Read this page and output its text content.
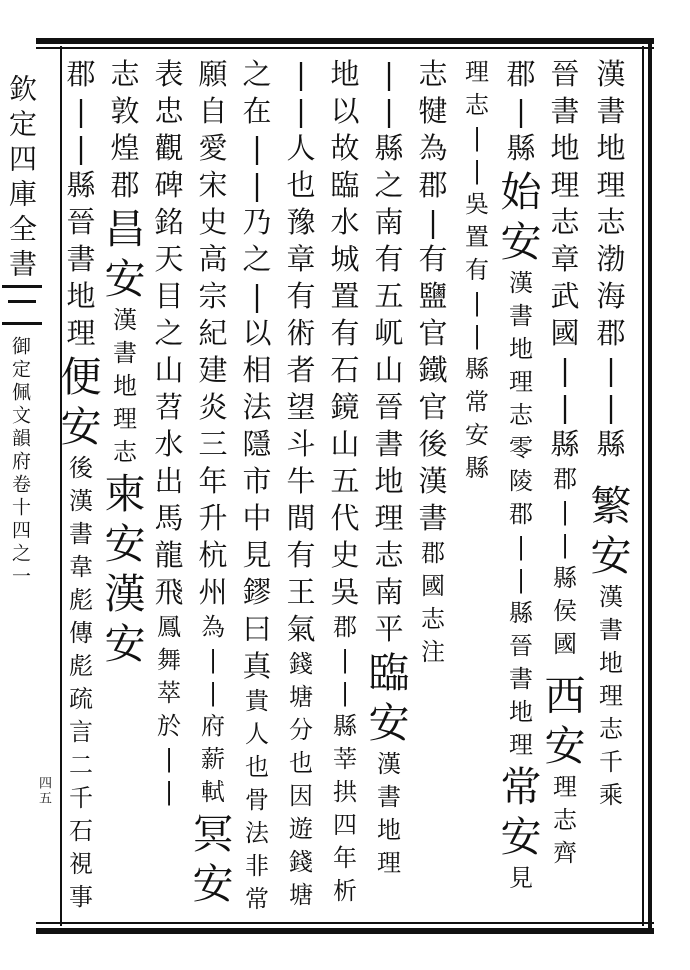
欽定四庫全書
御定佩文韻府卷十四之一
四五
漢
書
地
理
志
渤
海
郡
|
|
縣
繁
安
漢
書
地
理
志
千
乘
晉
書
地
理
志
章
武
國
|
|
縣
郡
|
|
縣
侯
國
西
安
理
志
齊
郡
|
縣
始
安
漢
書
地
理
志
零
陵
郡
|
|
縣
晉
書
地
理
常
安
見
理
志
|
|
吳
置
有
|
|
縣
常
安
縣
志
犍
為
郡
|
有
鹽
官
鐵
官
後
漢
書
郡
國
志
注
|
|
縣
之
南
有
五
屼
山
晉
書
地
理
志
南
平
臨
安
漢
書
地
理
地
以
故
臨
水
城
置
有
石
鏡
山
五
代
史
吳
郡
|
|
縣
莘
拱
四
年
析
|
|
人
也
豫
章
有
術
者
望
斗
牛
間
有
王
氣
錢
塘
分
也
因
遊
錢
塘
之
在
|
|
乃
之
|
以
相
法
隱
市
中
見
鏐
曰
真
貴
人
也
骨
法
非
常
願
自
愛
宋
史
高
宗
紀
建
炎
三
年
升
杭
州
為
|
|
府
薪
軾
冥
安
表
忠
觀
碑
銘
天
目
之
山
苕
水
出
馬
龍
飛
鳳
舞
萃
於
|
|
志
敦
煌
郡
昌
安
漢
書
地
理
志
柬
安
漢
安
郡
|
|
縣
晉
書
地
理
便
安
後
漢
書
韋
彪
傳
彪
疏
言
二
千
石
視
事
